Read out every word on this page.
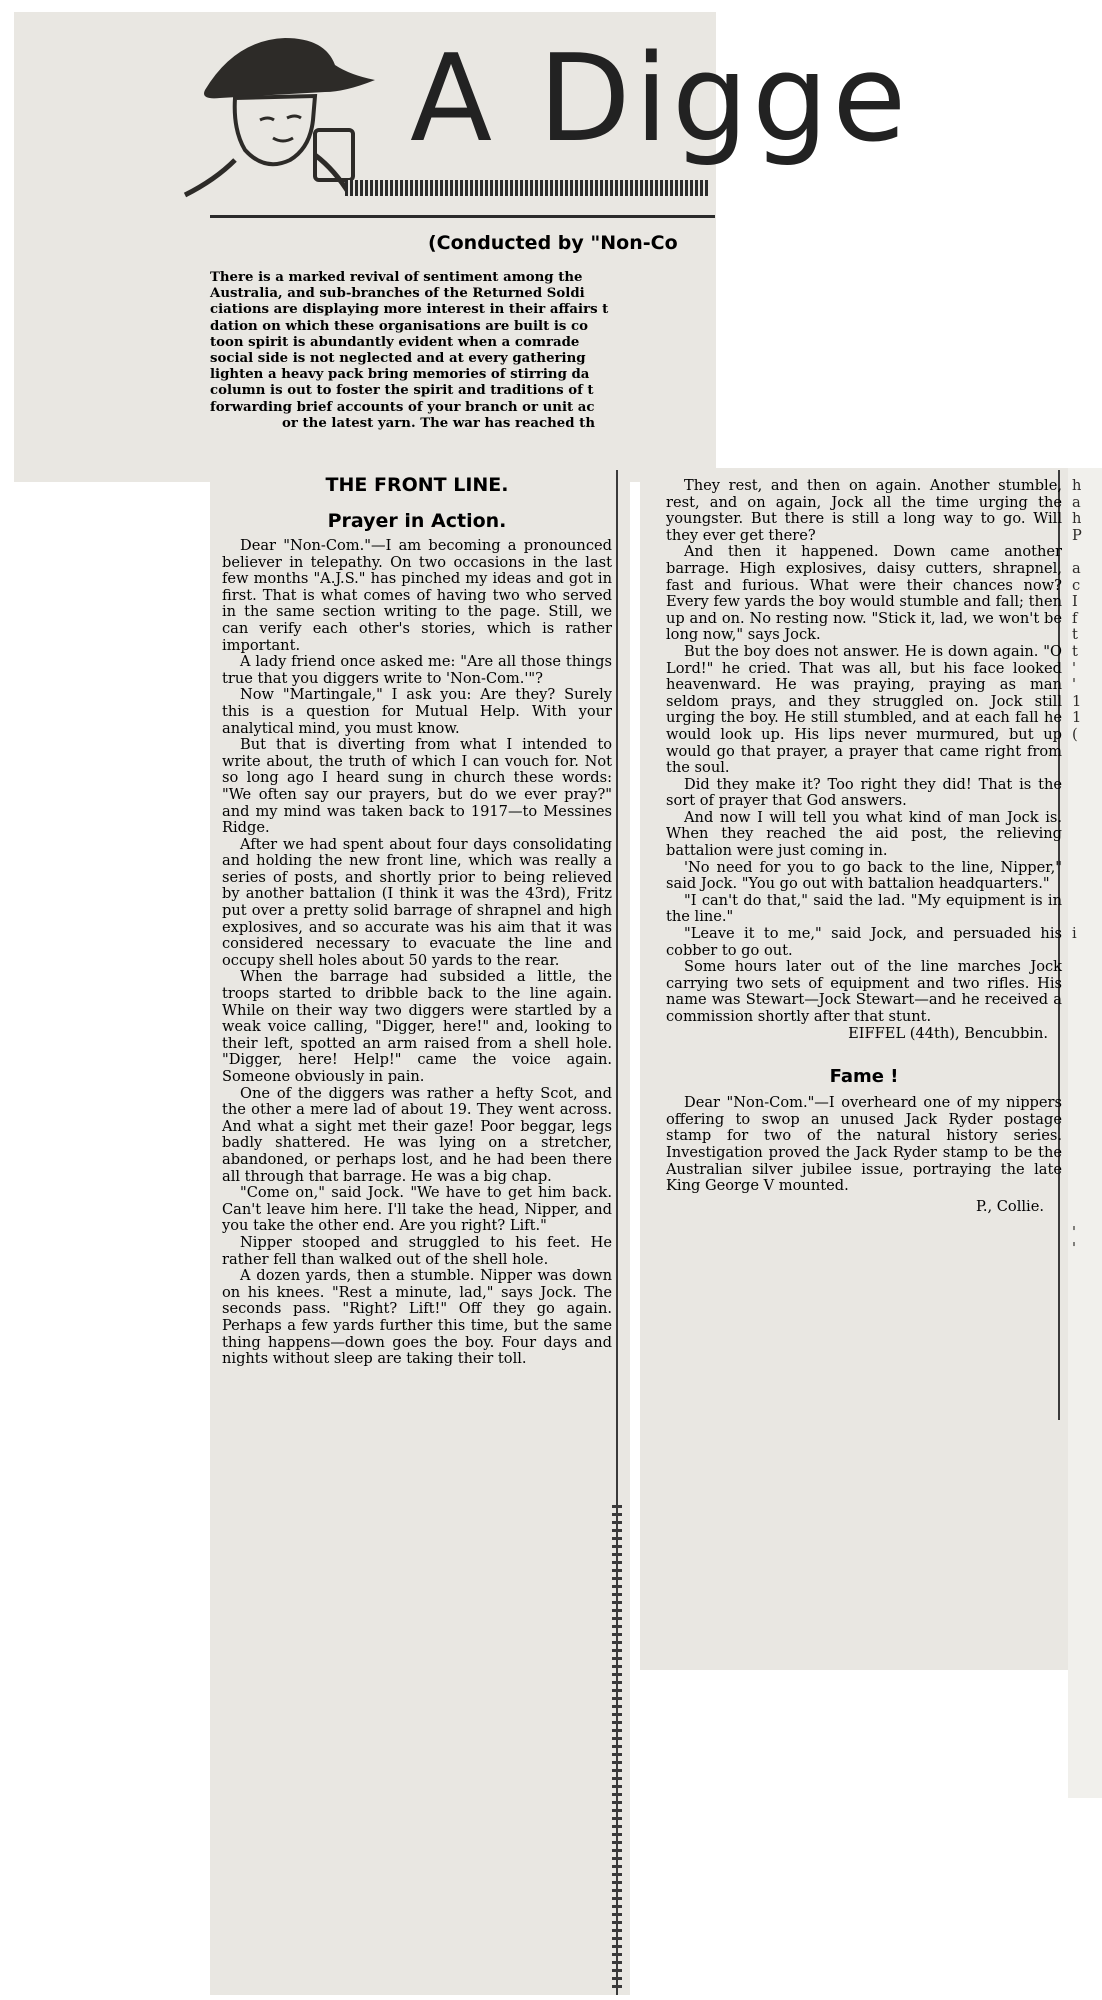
A Digge
(Conducted by "Non-Co

There is a marked revival of sentiment among the

Australia, and sub-branches of the Returned Soldi

ciations are displaying more interest in their affairs t

dation on which these organisations are built is co

toon spirit is abundantly evident when a comrade

social side is not neglected and at every gathering

lighten a heavy pack bring memories of stirring da

column is out to foster the spirit and traditions of t

forwarding brief accounts of your branch or unit ac

or the latest yarn. The war has reached th

THE FRONT LINE.
Prayer in Action.

Dear "Non-Com."—I am becoming a pronounced believer in telepathy. On two occasions in the last few months "A.J.S." has pinched my ideas and got in first. That is what comes of having two who served in the same section writing to the page. Still, we can verify each other's stories, which is rather important.

A lady friend once asked me: "Are all those things true that you diggers write to 'Non-Com.'"?

Now "Martingale," I ask you: Are they? Surely this is a question for Mutual Help. With your analytical mind, you must know.

But that is diverting from what I intended to write about, the truth of which I can vouch for. Not so long ago I heard sung in church these words: "We often say our prayers, but do we ever pray?" and my mind was taken back to 1917—to Messines Ridge.

After we had spent about four days consolidating and holding the new front line, which was really a series of posts, and shortly prior to being relieved by another battalion (I think it was the 43rd), Fritz put over a pretty solid barrage of shrapnel and high explosives, and so accurate was his aim that it was considered necessary to evacuate the line and occupy shell holes about 50 yards to the rear.

When the barrage had subsided a little, the troops started to dribble back to the line again. While on their way two diggers were startled by a weak voice calling, "Digger, here!" and, looking to their left, spotted an arm raised from a shell hole. "Digger, here! Help!" came the voice again. Someone obviously in pain.

One of the diggers was rather a hefty Scot, and the other a mere lad of about 19. They went across. And what a sight met their gaze! Poor beggar, legs badly shattered. He was lying on a stretcher, abandoned, or perhaps lost, and he had been there all through that barrage. He was a big chap.

"Come on," said Jock. "We have to get him back. Can't leave him here. I'll take the head, Nipper, and you take the other end. Are you right? Lift."

Nipper stooped and struggled to his feet. He rather fell than walked out of the shell hole.

A dozen yards, then a stumble. Nipper was down on his knees. "Rest a minute, lad," says Jock. The seconds pass. "Right? Lift!" Off they go again. Perhaps a few yards further this time, but the same thing happens—down goes the boy. Four days and nights without sleep are taking their toll.

They rest, and then on again. Another stumble, rest, and on again, Jock all the time urging the youngster. But there is still a long way to go. Will they ever get there?

And then it happened. Down came another barrage. High explosives, daisy cutters, shrapnel, fast and furious. What were their chances now? Every few yards the boy would stumble and fall; then up and on. No resting now. "Stick it, lad, we won't be long now," says Jock.

But the boy does not answer. He is down again. "O Lord!" he cried. That was all, but his face looked heavenward. He was praying, praying as man seldom prays, and they struggled on. Jock still urging the boy. He still stumbled, and at each fall he would look up. His lips never murmured, but up would go that prayer, a prayer that came right from the soul.

Did they make it? Too right they did! That is the sort of prayer that God answers.

And now I will tell you what kind of man Jock is. When they reached the aid post, the relieving battalion were just coming in.

'No need for you to go back to the line, Nipper," said Jock. "You go out with battalion headquarters."

"I can't do that," said the lad. "My equipment is in the line."

"Leave it to me," said Jock, and persuaded his cobber to go out.

Some hours later out of the line marches Jock carrying two sets of equipment and two rifles. His name was Stewart—Jock Stewart—and he received a commission shortly after that stunt.

EIFFEL (44th), Bencubbin.

Fame !

Dear "Non-Com."—I overheard one of my nippers offering to swop an unused Jack Ryder postage stamp for two of the natural history series. Investigation proved the Jack Ryder stamp to be the Australian silver jubilee issue, portraying the late King George V mounted.

P., Collie.

h
a
h
P

a
c
I
f
t
t
'
'
1
1
(

i

'
'
